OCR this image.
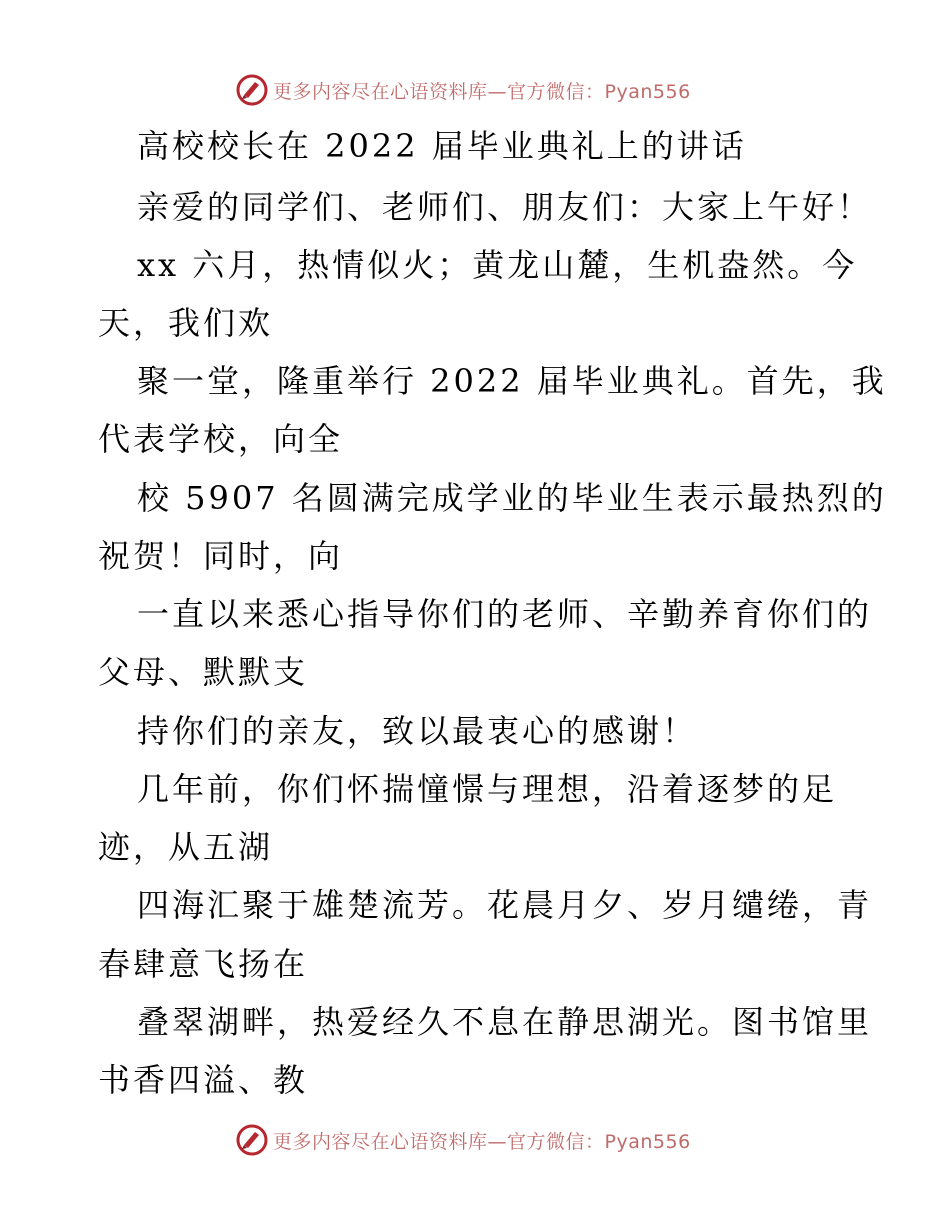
更多内容尽在心语资料库—官方微信：Pyan556
高校校长在 2022 届毕业典礼上的讲话
亲爱的同学们、老师们、朋友们：大家上午好！
xx 六月，热情似火；黄龙山麓，生机盎然。今
天，我们欢
聚一堂，隆重举行 2022 届毕业典礼。首先，我
代表学校，向全
校 5907 名圆满完成学业的毕业生表示最热烈的
祝贺！同时，向
一直以来悉心指导你们的老师、辛勤养育你们的
父母、默默支
持你们的亲友，致以最衷心的感谢！
几年前，你们怀揣憧憬与理想，沿着逐梦的足
迹，从五湖
四海汇聚于雄楚流芳。花晨月夕、岁月缱绻，青
春肆意飞扬在
叠翠湖畔，热爱经久不息在静思湖光。图书馆里
书香四溢、教
更多内容尽在心语资料库—官方微信：Pyan556
